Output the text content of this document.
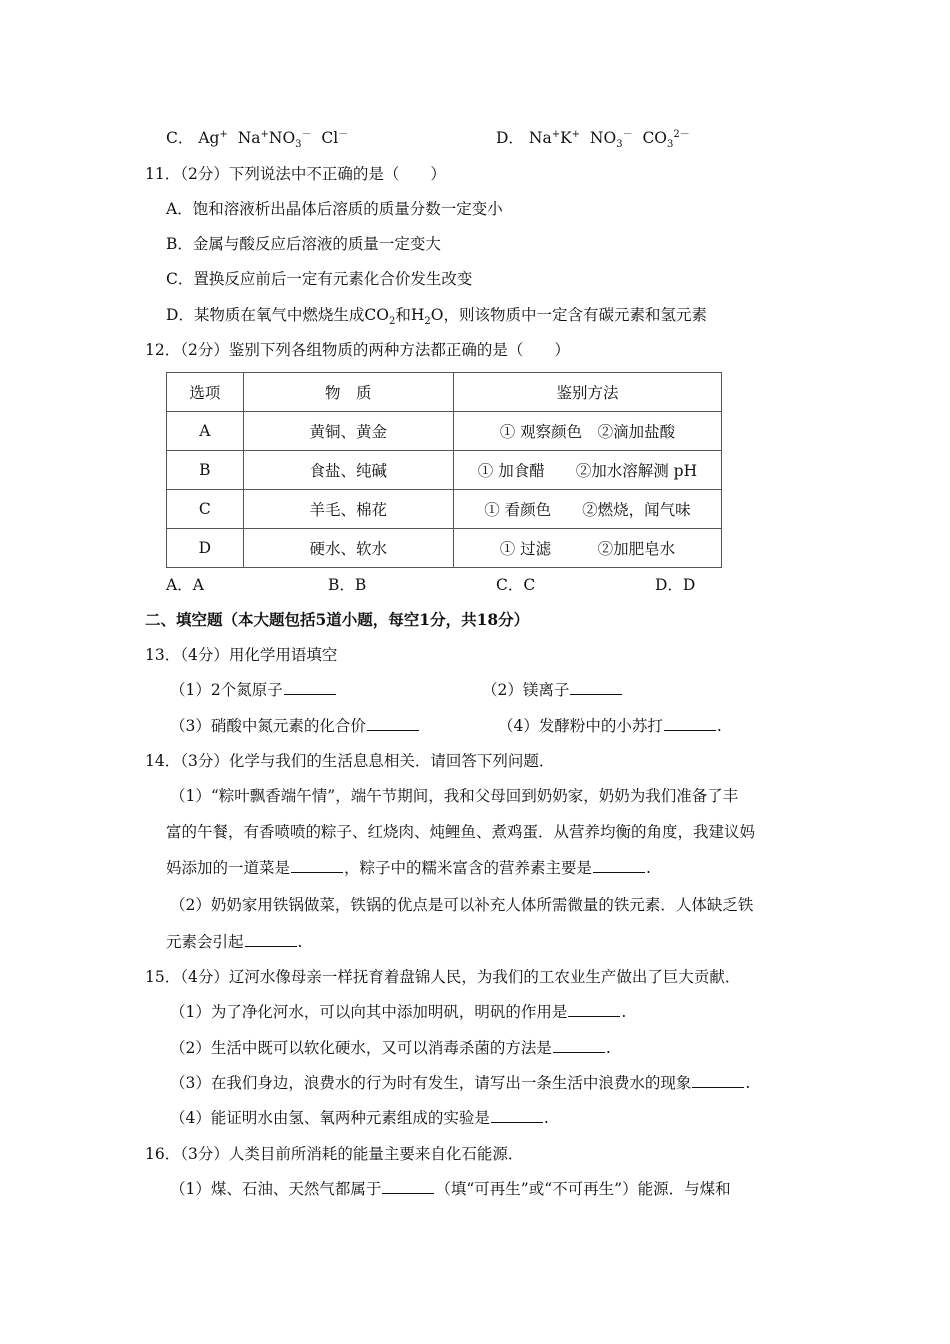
C． Ag+ $Na^+NO_3^-$ Cl－	D． Na+K+ $NO_3^-$ $CO_3^{2-}$
11．（2分）下列说法中不正确的是（　　）
A．饱和溶液析出晶体后溶质的质量分数一定变小
B．金属与酸反应后溶液的质量一定变大
C．置换反应前后一定有元素化合价发生改变
D．某物质在氧气中燃烧生成$CO_2$和$H_2O$，则该物质中一定含有碳元素和氢元素
12．（2分）鉴别下列各组物质的两种方法都正确的是（　　）
选项	物　质	鉴别方法
A	黄铜、黄金	① 观察颜色　②滴加盐酸
B	食盐、纯碱	① 加食醋　　②加水溶解测 pH
C	羊毛、棉花	① 看颜色　　②燃烧，闻气味
D	硬水、软水	① 过滤　　　②加肥皂水
A．A	B．B	C．C	D．D
二、填空题（本大题包括5道小题，每空1分，共18分）
13．（4分）用化学用语填空
（1）2个氮原子	（2）镁离子
（3）硝酸中氮元素的化合价	（4）发酵粉中的小苏打	.
14．（3分）化学与我们的生活息息相关．请回答下列问题．
（1）“粽叶飘香端午情”，端午节期间，我和父母回到奶奶家，奶奶为我们准备了丰
富的午餐，有香喷喷的粽子、红烧肉、炖鲤鱼、煮鸡蛋．从营养均衡的角度，我建议妈
妈添加的一道菜是	，粽子中的糯米富含的营养素主要是	.
（2）奶奶家用铁锅做菜，铁锅的优点是可以补充人体所需微量的铁元素．人体缺乏铁
元素会引起	.
15．（4分）辽河水像母亲一样抚育着盘锦人民，为我们的工农业生产做出了巨大贡献．
（1）为了净化河水，可以向其中添加明矾，明矾的作用是	.
（2）生活中既可以软化硬水，又可以消毒杀菌的方法是	.
（3）在我们身边，浪费水的行为时有发生，请写出一条生活中浪费水的现象	.
（4）能证明水由氢、氧两种元素组成的实验是	.
16．（3分）人类目前所消耗的能量主要来自化石能源．
（1）煤、石油、天然气都属于	（填“可再生”或“不可再生”）能源．与煤和
